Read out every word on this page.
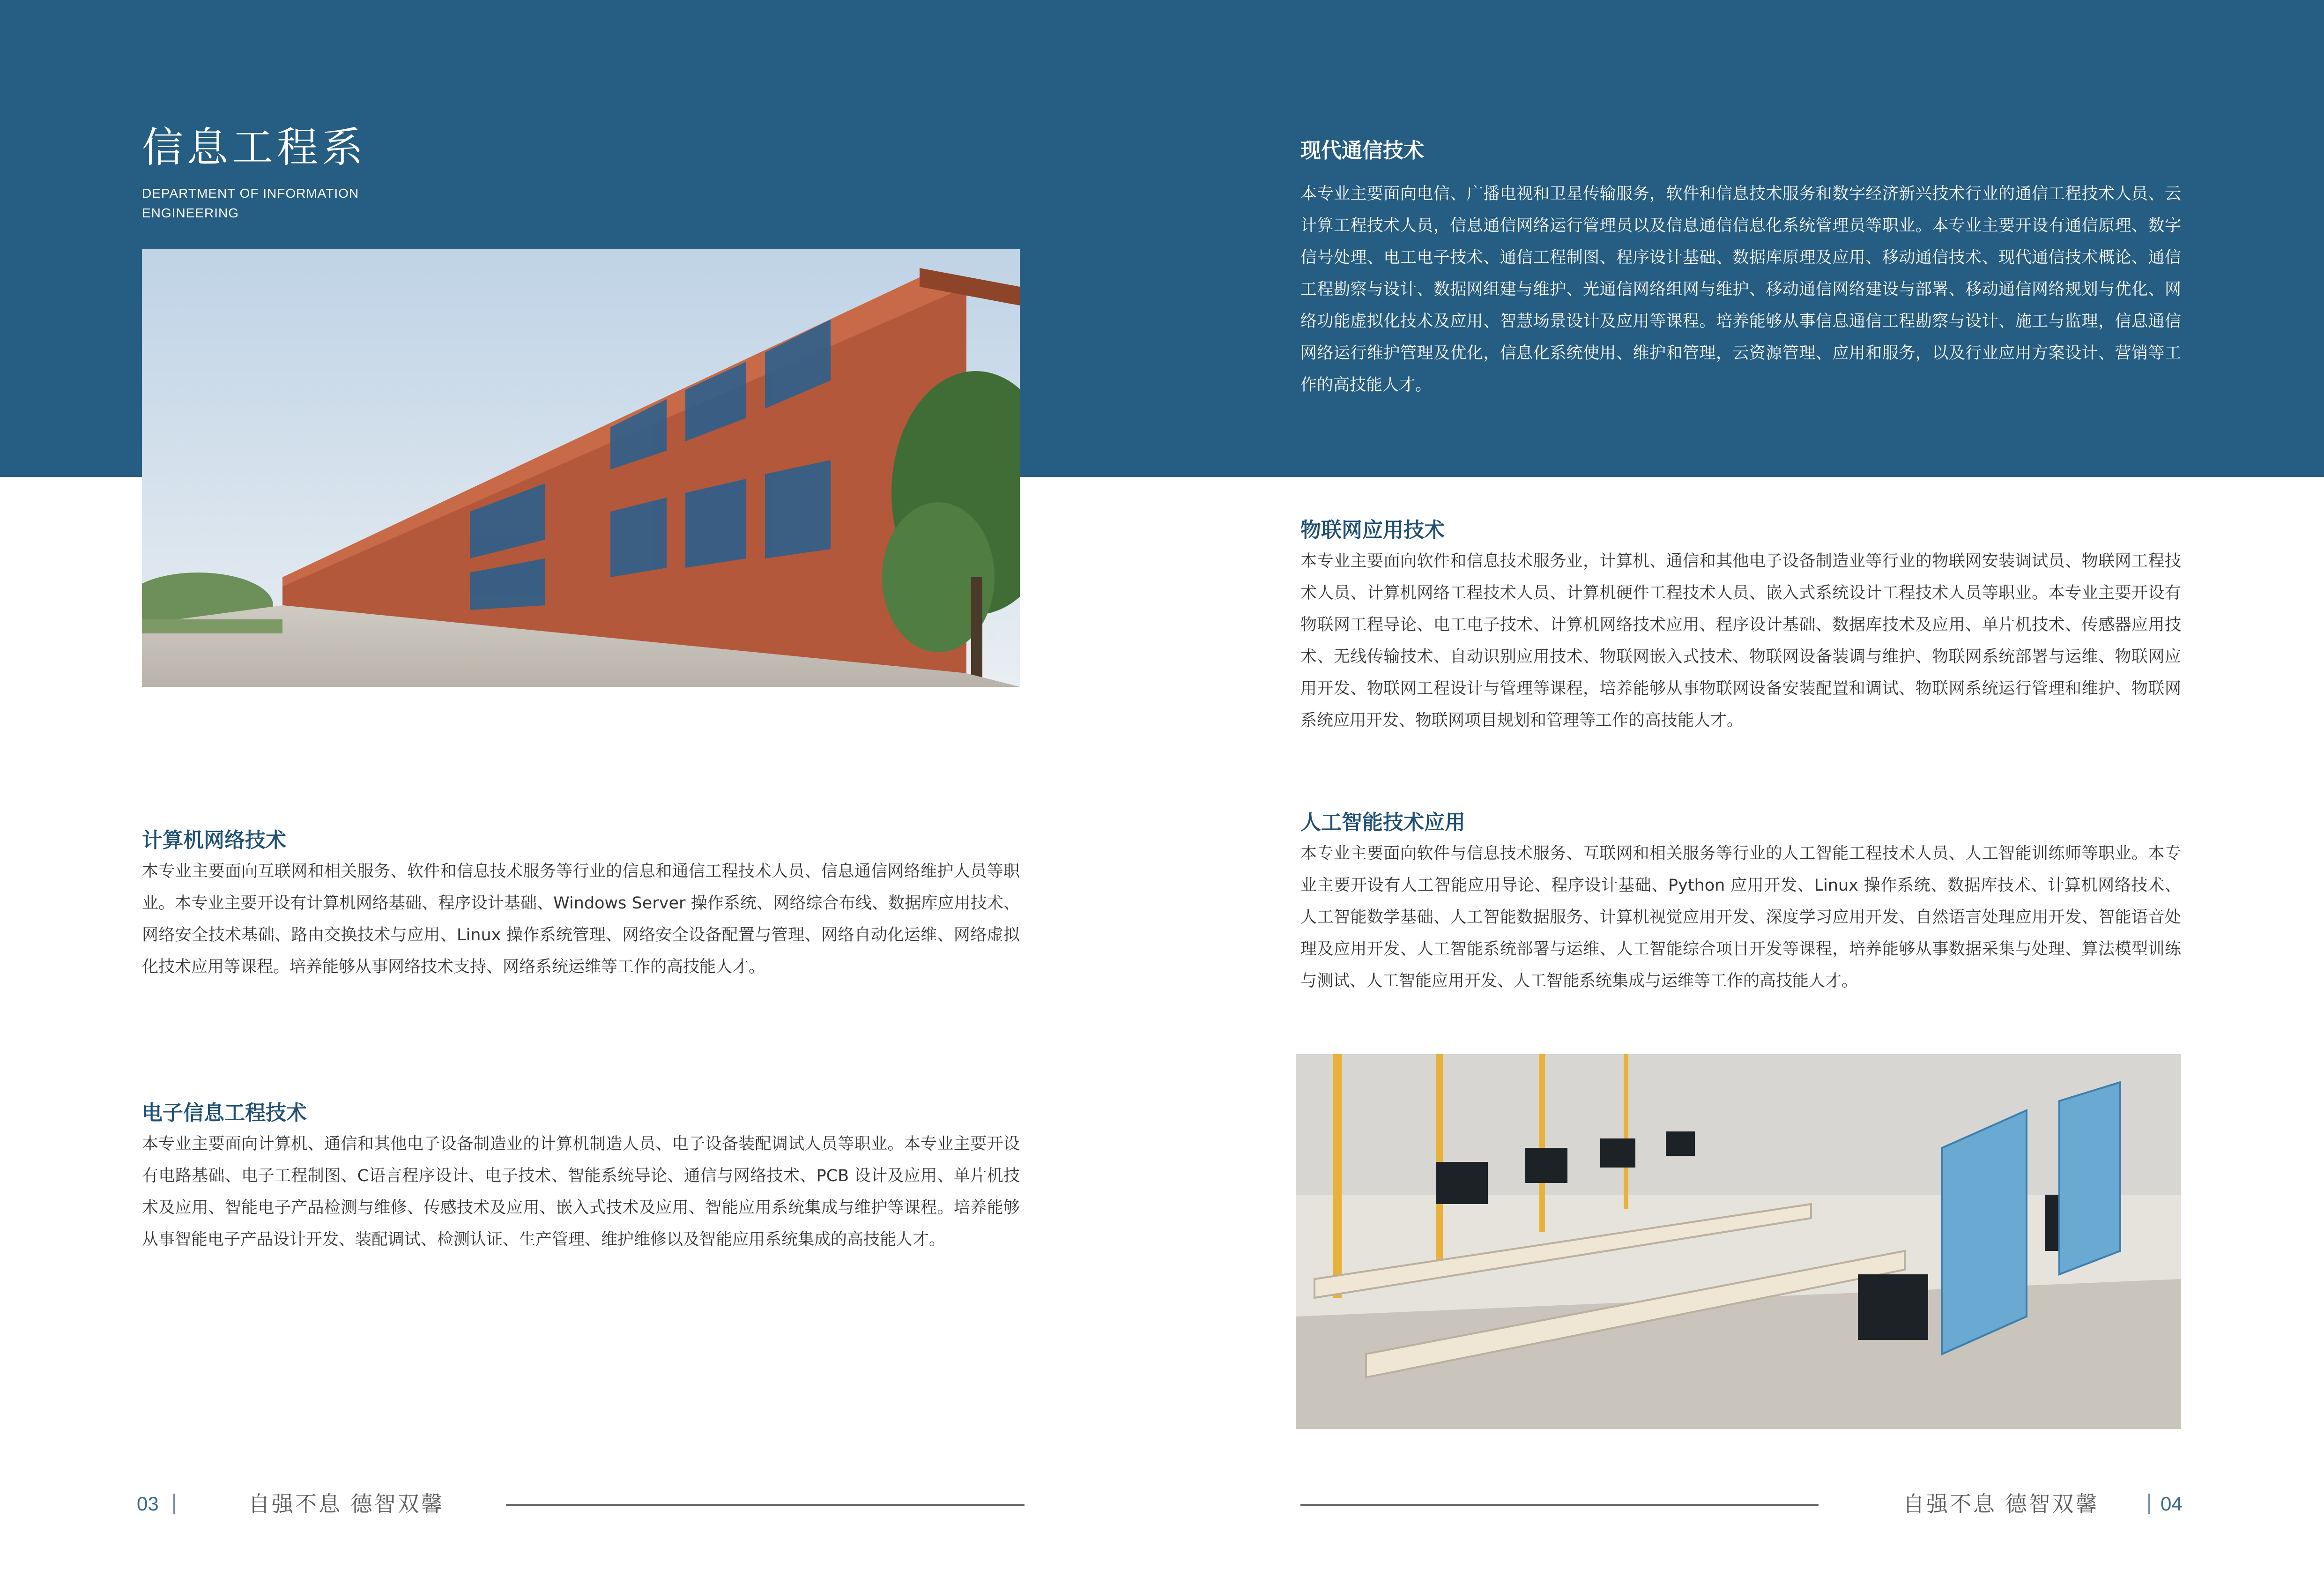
信息工程系
DEPARTMENT OF INFORMATION ENGINEERING
计算机网络技术

本专业主要面向互联网和相关服务、软件和信息技术服务等行业的信息和通信工程技术人员、信息通信网络维护人员等职业。本专业主要开设有计算机网络基础、程序设计基础、Windows Server 操作系统、网络综合布线、数据库应用技术、网络安全技术基础、路由交换技术与应用、Linux 操作系统管理、网络安全设备配置与管理、网络自动化运维、网络虚拟化技术应用等课程。培养能够从事网络技术支持、网络系统运维等工作的高技能人才。

电子信息工程技术

本专业主要面向计算机、通信和其他电子设备制造业的计算机制造人员、电子设备装配调试人员等职业。本专业主要开设有电路基础、电子工程制图、C语言程序设计、电子技术、智能系统导论、通信与网络技术、PCB 设计及应用、单片机技术及应用、智能电子产品检测与维修、传感技术及应用、嵌入式技术及应用、智能应用系统集成与维护等课程。培养能够从事智能电子产品设计开发、装配调试、检测认证、生产管理、维护维修以及智能应用系统集成的高技能人才。

现代通信技术

本专业主要面向电信、广播电视和卫星传输服务，软件和信息技术服务和数字经济新兴技术行业的通信工程技术人员、云计算工程技术人员，信息通信网络运行管理员以及信息通信信息化系统管理员等职业。本专业主要开设有通信原理、数字信号处理、电工电子技术、通信工程制图、程序设计基础、数据库原理及应用、移动通信技术、现代通信技术概论、通信工程勘察与设计、数据网组建与维护、光通信网络组网与维护、移动通信网络建设与部署、移动通信网络规划与优化、网络功能虚拟化技术及应用、智慧场景设计及应用等课程。培养能够从事信息通信工程勘察与设计、施工与监理，信息通信网络运行维护管理及优化，信息化系统使用、维护和管理，云资源管理、应用和服务，以及行业应用方案设计、营销等工作的高技能人才。

物联网应用技术

本专业主要面向软件和信息技术服务业，计算机、通信和其他电子设备制造业等行业的物联网安装调试员、物联网工程技术人员、计算机网络工程技术人员、计算机硬件工程技术人员、嵌入式系统设计工程技术人员等职业。本专业主要开设有物联网工程导论、电工电子技术、计算机网络技术应用、程序设计基础、数据库技术及应用、单片机技术、传感器应用技术、无线传输技术、自动识别应用技术、物联网嵌入式技术、物联网设备装调与维护、物联网系统部署与运维、物联网应用开发、物联网工程设计与管理等课程，培养能够从事物联网设备安装配置和调试、物联网系统运行管理和维护、物联网系统应用开发、物联网项目规划和管理等工作的高技能人才。

人工智能技术应用

本专业主要面向软件与信息技术服务、互联网和相关服务等行业的人工智能工程技术人员、人工智能训练师等职业。本专业主要开设有人工智能应用导论、程序设计基础、Python 应用开发、Linux 操作系统、数据库技术、计算机网络技术、人工智能数学基础、人工智能数据服务、计算机视觉应用开发、深度学习应用开发、自然语言处理应用开发、智能语音处理及应用开发、人工智能系统部署与运维、人工智能综合项目开发等课程，培养能够从事数据采集与处理、算法模型训练与测试、人工智能应用开发、人工智能系统集成与运维等工作的高技能人才。

03	自强不息 德智双馨	自强不息 德智双馨	04
